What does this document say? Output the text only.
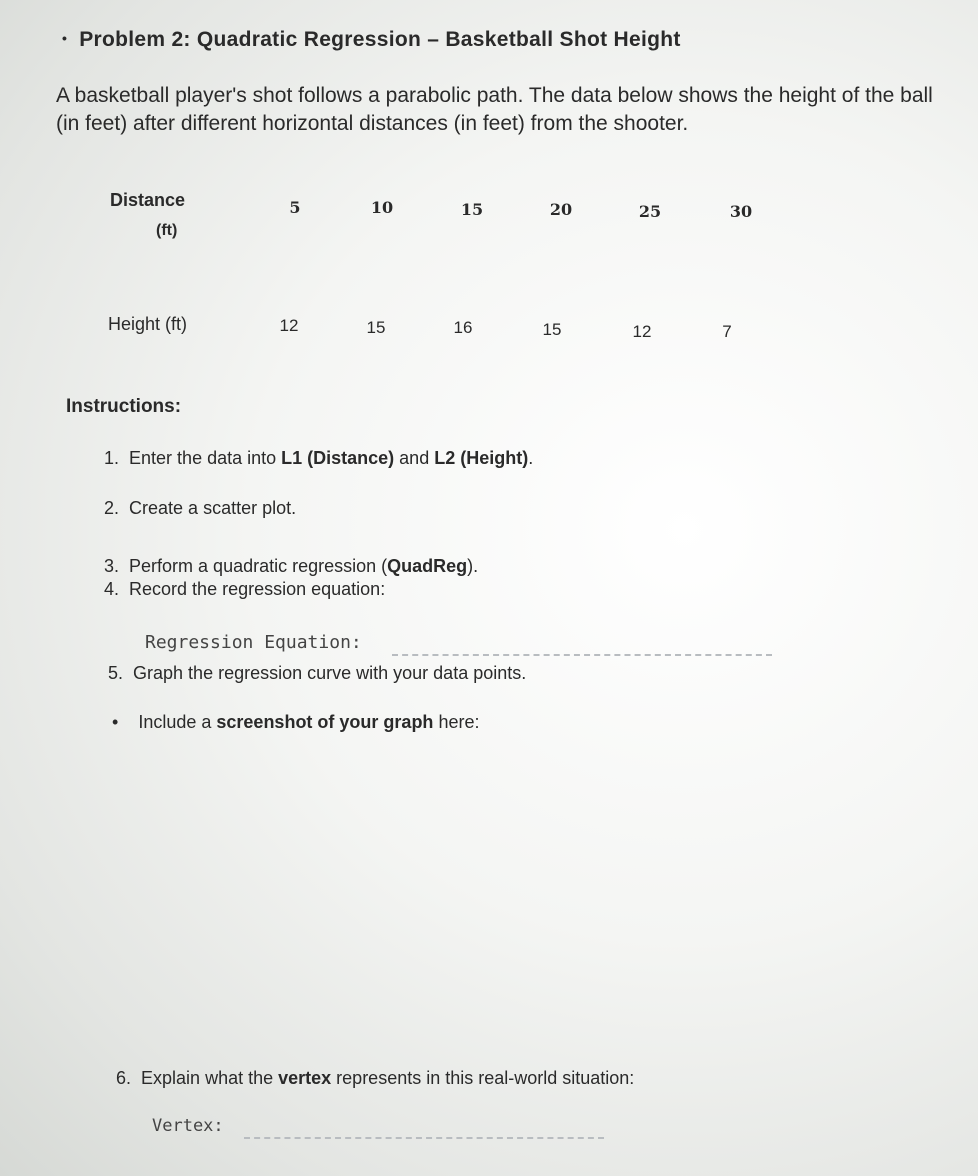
• Problem 2: Quadratic Regression – Basketball Shot Height
A basketball player's shot follows a parabolic path. The data below shows the height of the ball (in feet) after different horizontal distances (in feet) from the shooter.
Distance
(ft)
5	10	15	20	25	30
Height (ft)	12	15	16	15	12	7
Instructions:
1. Enter the data into L1 (Distance) and L2 (Height).
2. Create a scatter plot.
3. Perform a quadratic regression (QuadReg).
4. Record the regression equation:
Regression Equation:
5. Graph the regression curve with your data points.
• Include a screenshot of your graph here:
6. Explain what the vertex represents in this real-world situation:
Vertex:
